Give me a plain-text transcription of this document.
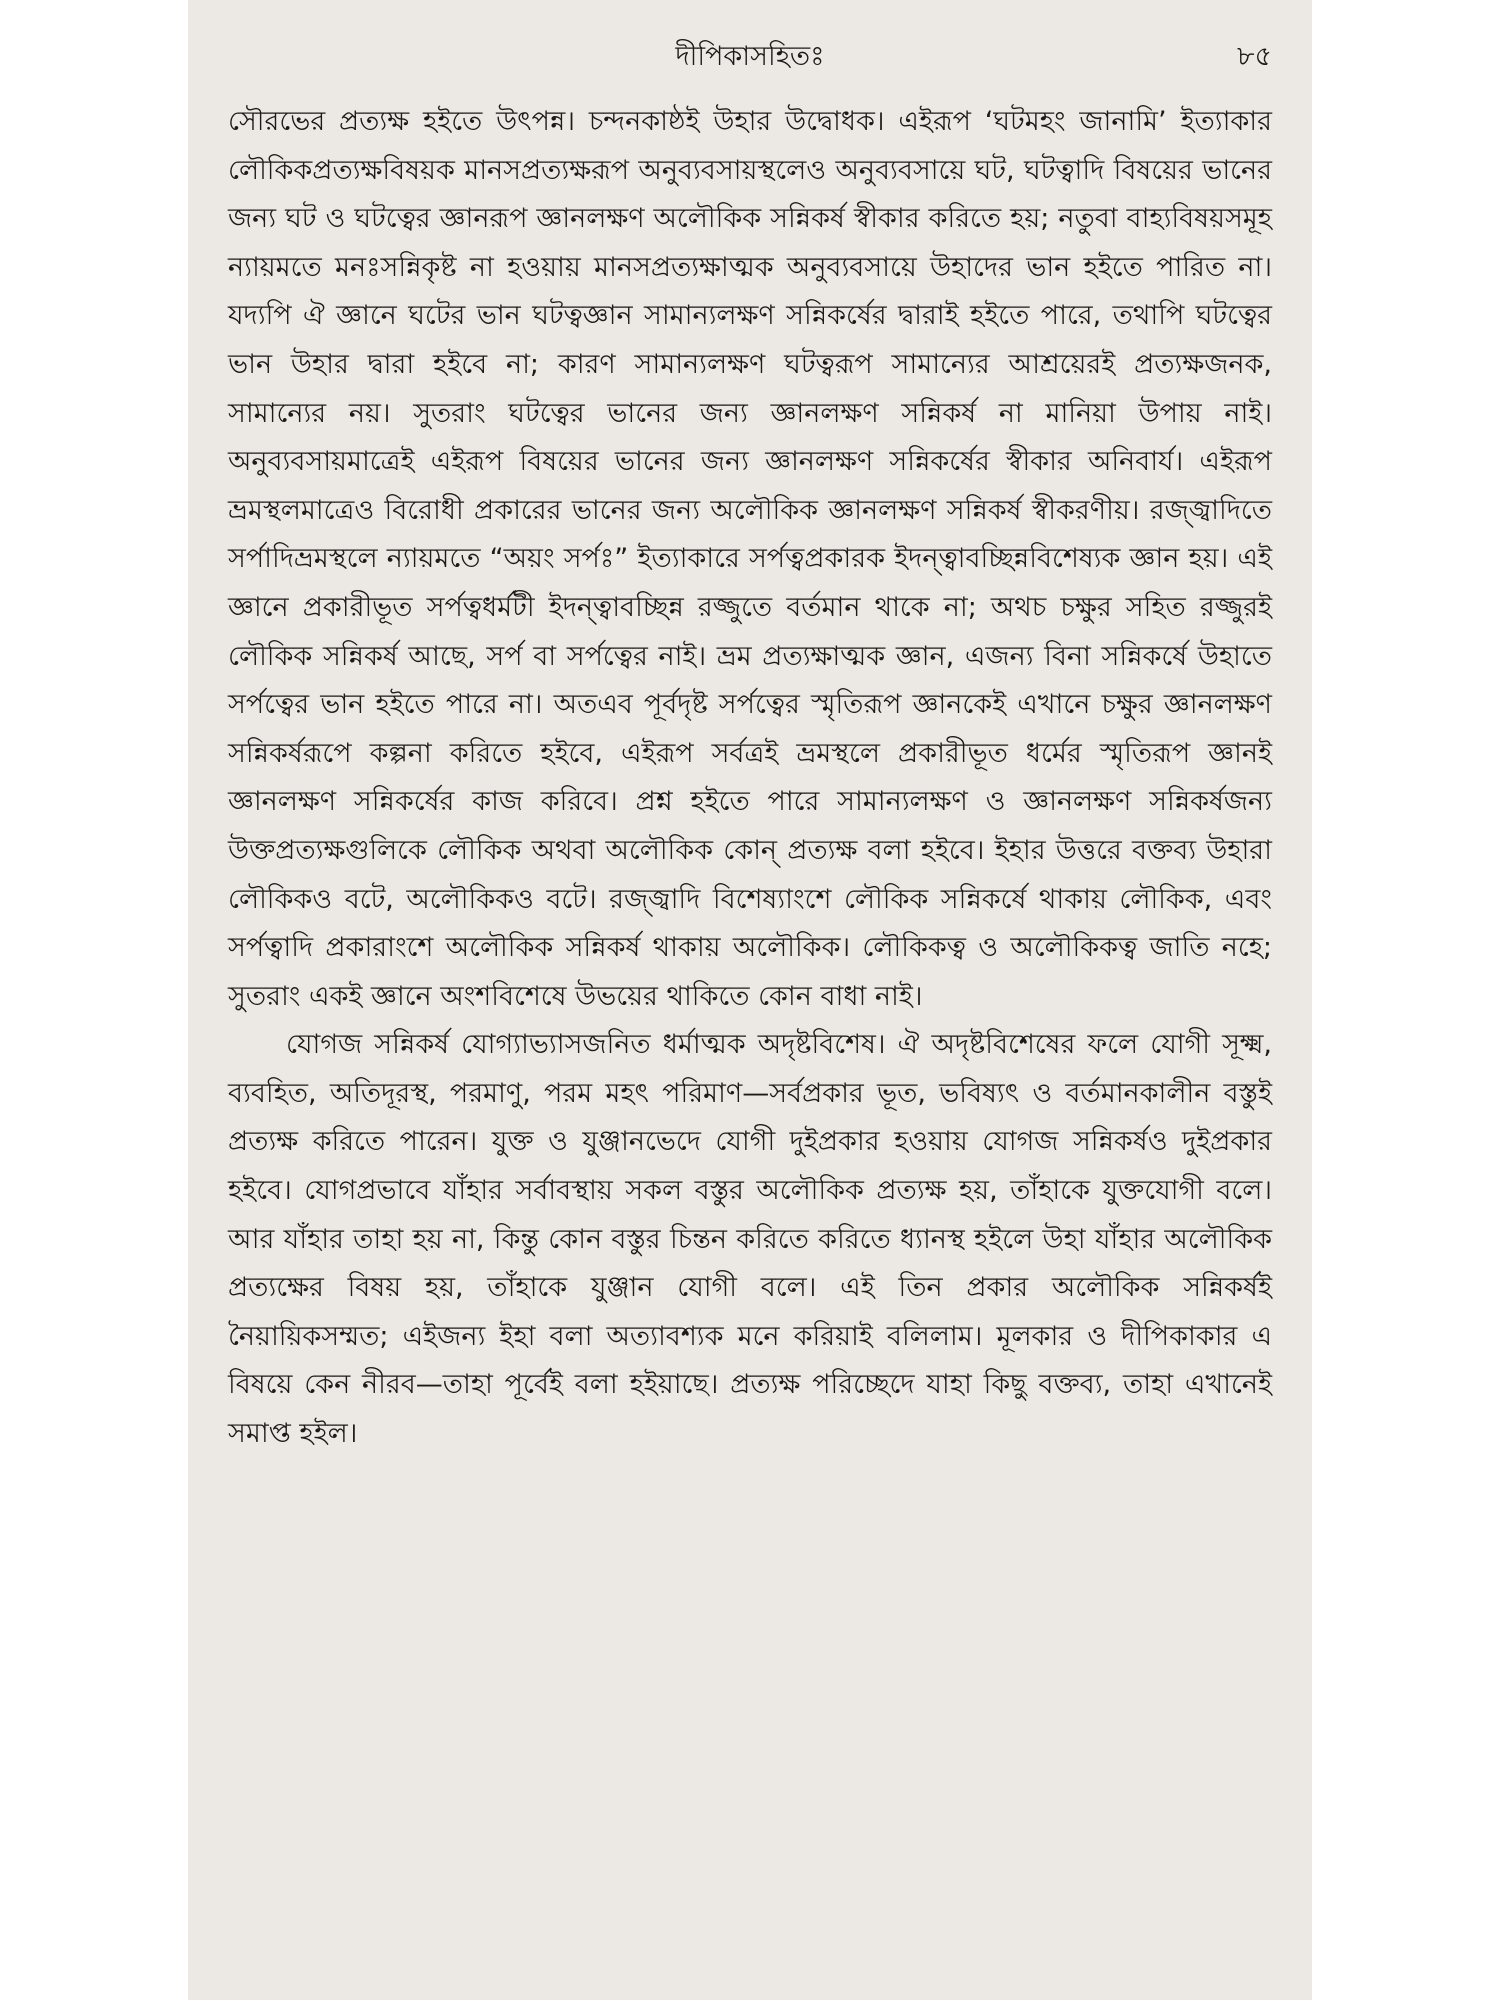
দীপিকাসহিতঃ	৮৫

সৌরভের প্রত্যক্ষ হইতে উৎপন্ন। চন্দনকাষ্ঠই উহার উদ্বোধক। এইরূপ ‘ঘটমহং জানামি’ ইত্যাকার লৌকিকপ্রত্যক্ষবিষয়ক মানসপ্রত্যক্ষরূপ অনুব্যবসায়স্থলেও অনুব্যবসায়ে ঘট, ঘটত্বাদি বিষয়ের ভানের জন্য ঘট ও ঘটত্বের জ্ঞানরূপ জ্ঞানলক্ষণ অলৌকিক সন্নিকর্ষ স্বীকার করিতে হয়; নতুবা বাহ্যবিষয়সমূহ ন্যায়মতে মনঃসন্নিকৃষ্ট না হওয়ায় মানসপ্রত্যক্ষাত্মক অনুব্যবসায়ে উহাদের ভান হইতে পারিত না। যদ্যপি ঐ জ্ঞানে ঘটের ভান ঘটত্বজ্ঞান সামান্যলক্ষণ সন্নিকর্ষের দ্বারাই হইতে পারে, তথাপি ঘটত্বের ভান উহার দ্বারা হইবে না; কারণ সামান্যলক্ষণ ঘটত্বরূপ সামান্যের আশ্রয়েরই প্রত্যক্ষজনক, সামান্যের নয়। সুতরাং ঘটত্বের ভানের জন্য জ্ঞানলক্ষণ সন্নিকর্ষ না মানিয়া উপায় নাই। অনুব্যবসায়মাত্রেই এইরূপ বিষয়ের ভানের জন্য জ্ঞানলক্ষণ সন্নিকর্ষের স্বীকার অনিবার্য। এইরূপ ভ্রমস্থলমাত্রেও বিরোধী প্রকারের ভানের জন্য অলৌকিক জ্ঞানলক্ষণ সন্নিকর্ষ স্বীকরণীয়। রজ্জ্বাদিতে সর্পাদিভ্রমস্থলে ন্যায়মতে “অয়ং সর্পঃ” ইত্যাকারে সর্পত্বপ্রকারক ইদন্ত্বাবচ্ছিন্নবিশেষ্যক জ্ঞান হয়। এই জ্ঞানে প্রকারীভূত সর্পত্বধর্মটী ইদন্ত্বাবচ্ছিন্ন রজ্জুতে বর্তমান থাকে না; অথচ চক্ষুর সহিত রজ্জুরই লৌকিক সন্নিকর্ষ আছে, সর্প বা সর্পত্বের নাই। ভ্রম প্রত্যক্ষাত্মক জ্ঞান, এজন্য বিনা সন্নিকর্ষে উহাতে সর্পত্বের ভান হইতে পারে না। অতএব পূর্বদৃষ্ট সর্পত্বের স্মৃতিরূপ জ্ঞানকেই এখানে চক্ষুর জ্ঞানলক্ষণ সন্নিকর্ষরূপে কল্পনা করিতে হইবে, এইরূপ সর্বত্রই ভ্রমস্থলে প্রকারীভূত ধর্মের স্মৃতিরূপ জ্ঞানই জ্ঞানলক্ষণ সন্নিকর্ষের কাজ করিবে। প্রশ্ন হইতে পারে সামান্যলক্ষণ ও জ্ঞানলক্ষণ সন্নিকর্ষজন্য উক্তপ্রত্যক্ষগুলিকে লৌকিক অথবা অলৌকিক কোন্ প্রত্যক্ষ বলা হইবে। ইহার উত্তরে বক্তব্য উহারা লৌকিকও বটে, অলৌকিকও বটে। রজ্জ্বাদি বিশেষ্যাংশে লৌকিক সন্নিকর্ষে থাকায় লৌকিক, এবং সর্পত্বাদি প্রকারাংশে অলৌকিক সন্নিকর্ষ থাকায় অলৌকিক। লৌকিকত্ব ও অলৌকিকত্ব জাতি নহে; সুতরাং একই জ্ঞানে অংশবিশেষে উভয়ের থাকিতে কোন বাধা নাই।

যোগজ সন্নিকর্ষ যোগ্যাভ্যাসজনিত ধর্মাত্মক অদৃষ্টবিশেষ। ঐ অদৃষ্টবিশেষের ফলে যোগী সূক্ষ্ম, ব্যবহিত, অতিদূরস্থ, পরমাণু, পরম মহৎ পরিমাণ—সর্বপ্রকার ভূত, ভবিষ্যৎ ও বর্তমানকালীন বস্তুই প্রত্যক্ষ করিতে পারেন। যুক্ত ও যুঞ্জানভেদে যোগী দুইপ্রকার হওয়ায় যোগজ সন্নিকর্ষও দুইপ্রকার হইবে। যোগপ্রভাবে যাঁহার সর্বাবস্থায় সকল বস্তুর অলৌকিক প্রত্যক্ষ হয়, তাঁহাকে যুক্তযোগী বলে। আর যাঁহার তাহা হয় না, কিন্তু কোন বস্তুর চিন্তন করিতে করিতে ধ্যানস্থ হইলে উহা যাঁহার অলৌকিক প্রত্যক্ষের বিষয় হয়, তাঁহাকে যুঞ্জান যোগী বলে। এই তিন প্রকার অলৌকিক সন্নিকর্ষই নৈয়ায়িকসম্মত; এইজন্য ইহা বলা অত্যাবশ্যক মনে করিয়াই বলিলাম। মূলকার ও দীপিকাকার এ বিষয়ে কেন নীরব—তাহা পূর্বেই বলা হইয়াছে। প্রত্যক্ষ পরিচ্ছেদে যাহা কিছু বক্তব্য, তাহা এখানেই সমাপ্ত হইল।
